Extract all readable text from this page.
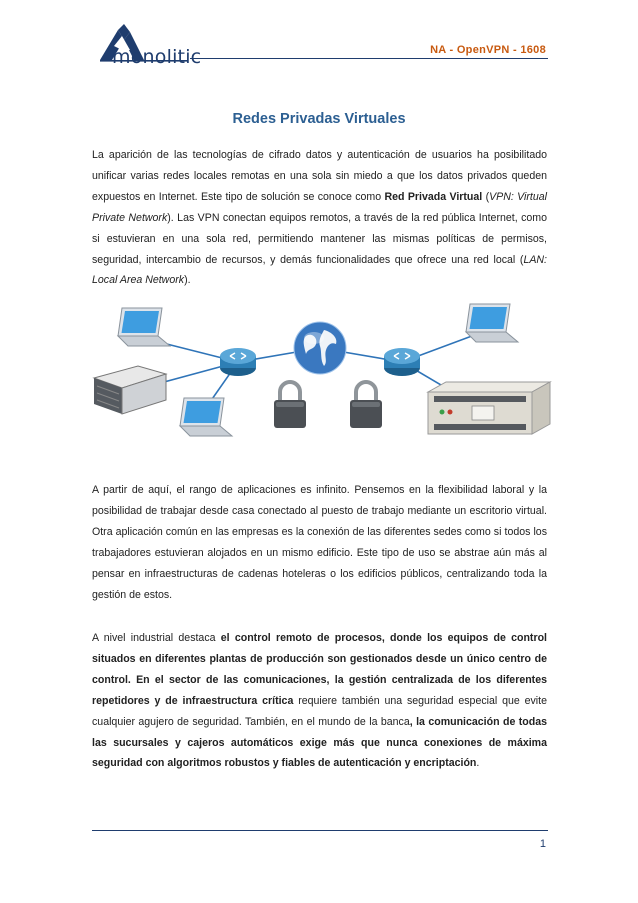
monolitic	NA - OpenVPN - 1608
Redes Privadas Virtuales

La aparición de las tecnologías de cifrado datos y autenticación de usuarios ha posibilitado unificar varias redes locales remotas en una sola sin miedo a que los datos privados queden expuestos en Internet. Este tipo de solución se conoce como Red Privada Virtual (VPN: Virtual Private Network). Las VPN conectan equipos remotos, a través de la red pública Internet, como si estuvieran en una sola red, permitiendo mantener las mismas políticas de permisos, seguridad, intercambio de recursos, y demás funcionalidades que ofrece una red local (LAN: Local Area Network).

A partir de aquí, el rango de aplicaciones es infinito. Pensemos en la flexibilidad laboral y la posibilidad de trabajar desde casa conectado al puesto de trabajo mediante un escritorio virtual. Otra aplicación común en las empresas es la conexión de las diferentes sedes como si todos los trabajadores estuvieran alojados en un mismo edificio. Este tipo de uso se abstrae aún más al pensar en infraestructuras de cadenas hoteleras o los edificios públicos, centralizando toda la gestión de estos.

A nivel industrial destaca el control remoto de procesos, donde los equipos de control situados en diferentes plantas de producción son gestionados desde un único centro de control. En el sector de las comunicaciones, la gestión centralizada de los diferentes repetidores y de infraestructura crítica requiere también una seguridad especial que evite cualquier agujero de seguridad. También, en el mundo de la banca, la comunicación de todas las sucursales y cajeros automáticos exige más que nunca conexiones de máxima seguridad con algoritmos robustos y fiables de autenticación y encriptación.

1
